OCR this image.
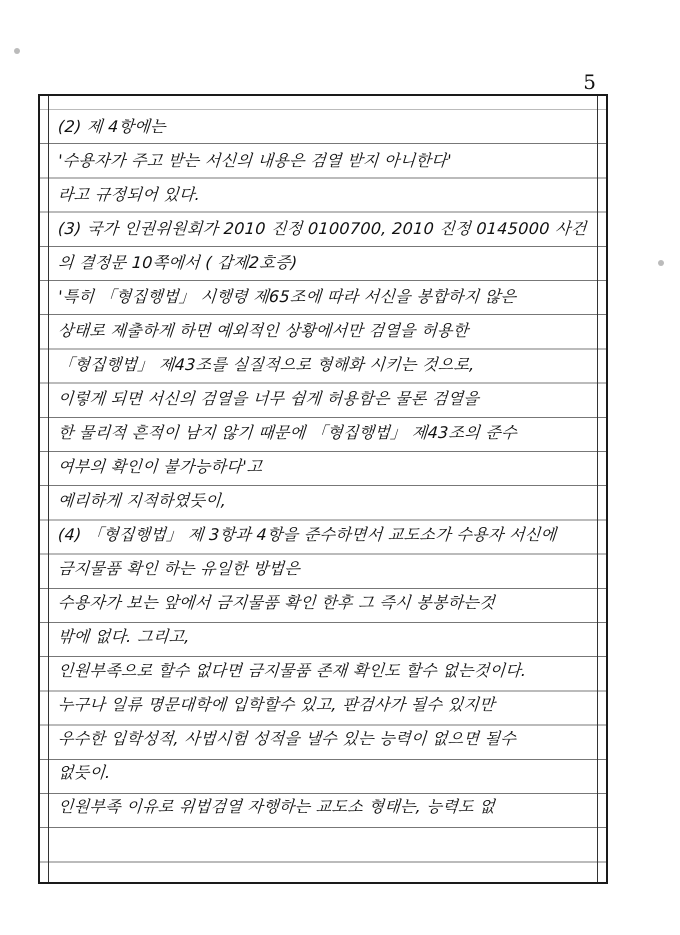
5
(2) 제 4항에는
'수용자가 주고 받는 서신의 내용은 검열 받지 아니한다'
라고 규정되어 있다.
(3) 국가 인권위원회가 2010 진정 0100700, 2010 진정 0145000 사건
의 결정문 10쪽에서 ( 갑제2호증)
'특히 「형집행법」 시행령 제65조에 따라 서신을 봉합하지 않은
상태로 제출하게 하면 예외적인 상황에서만 검열을 허용한
「형집행법」 제43조를 실질적으로 형해화 시키는 것으로,
이렇게 되면 서신의 검열을 너무 쉽게 허용함은 물론 검열을
한 물리적 흔적이 남지 않기 때문에 「형집행법」 제43조의 준수
여부의 확인이 불가능하다'고
예리하게 지적하였듯이,
(4) 「형집행법」 제 3항과 4항을 준수하면서 교도소가 수용자 서신에
금지물품 확인 하는 유일한 방법은
수용자가 보는 앞에서 금지물품 확인 한후 그 즉시 봉봉하는것
밖에 없다. 그리고,
인원부족으로 할수 없다면 금지물품 존재 확인도 할수 없는것이다.
누구나 일류 명문대학에 입학할수 있고, 판검사가 될수 있지만
우수한 입학성적, 사법시험 성적을 낼수 있는 능력이 없으면 될수
없듯이.
인원부족 이유로 위법검열 자행하는 교도소 형태는, 능력도 없
